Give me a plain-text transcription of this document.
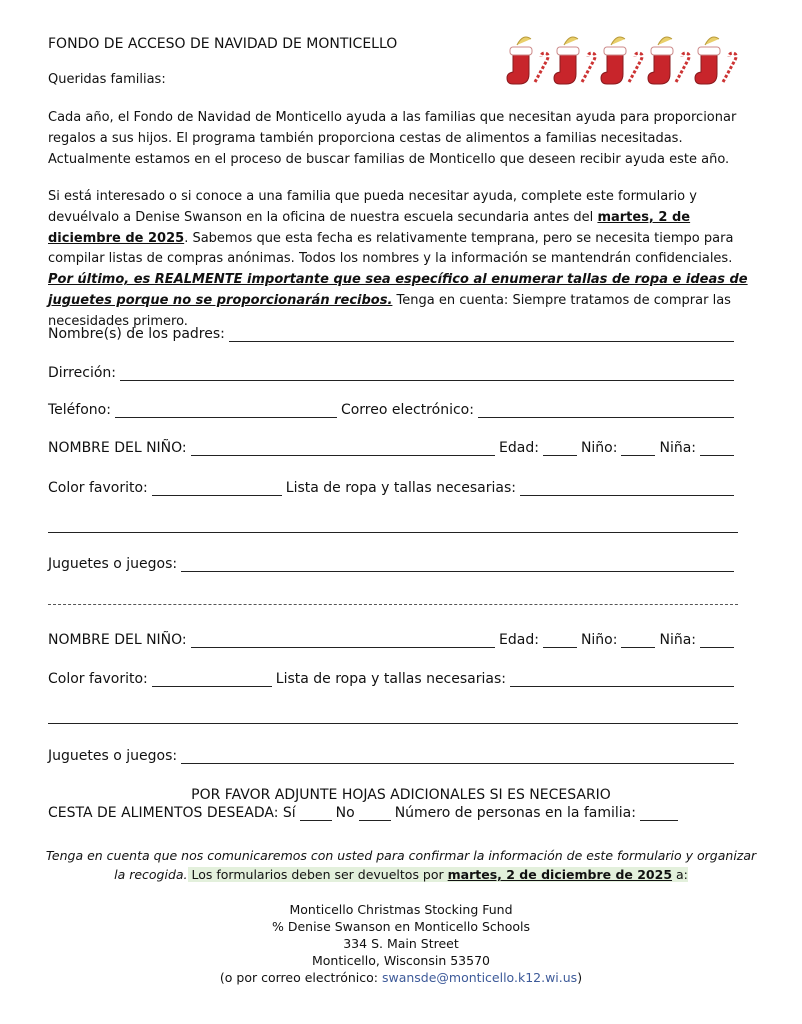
FONDO DE ACCESO DE NAVIDAD DE MONTICELLO
Queridas familias:
Cada año, el Fondo de Navidad de Monticello ayuda a las familias que necesitan ayuda para proporcionar regalos a sus hijos. El programa también proporciona cestas de alimentos a familias necesitadas. Actualmente estamos en el proceso de buscar familias de Monticello que deseen recibir ayuda este año.
Si está interesado o si conoce a una familia que pueda necesitar ayuda, complete este formulario y devuélvalo a Denise Swanson en la oficina de nuestra escuela secundaria antes del martes, 2 de diciembre de 2025. Sabemos que esta fecha es relativamente temprana, pero se necesita tiempo para compilar listas de compras anónimas. Todos los nombres y la información se mantendrán confidenciales. Por último, es REALMENTE importante que sea específico al enumerar tallas de ropa e ideas de juguetes porque no se proporcionarán recibos. Tenga en cuenta: Siempre tratamos de comprar las necesidades primero.
Nombre(s) de los padres:
Dirreción:
Teléfono:	Correo electrónico:
NOMBRE DEL NIÑO:	Edad:	Niño:	Niña:
Color favorito:	Lista de ropa y tallas necesarias:
Juguetes o juegos:
NOMBRE DEL NIÑO:	Edad:	Niño:	Niña:
Color favorito:	Lista de ropa y tallas necesarias:
Juguetes o juegos:
POR FAVOR ADJUNTE HOJAS ADICIONALES SI ES NECESARIO
CESTA DE ALIMENTOS DESEADA: Sí	No	Número de personas en la familia:
Tenga en cuenta que nos comunicaremos con usted para confirmar la información de este formulario y organizar la recogida. Los formularios deben ser devueltos por martes, 2 de diciembre de 2025 a:
Monticello Christmas Stocking Fund
% Denise Swanson en Monticello Schools
334 S. Main Street
Monticello, Wisconsin 53570
(o por correo electrónico: swansde@monticello.k12.wi.us)
